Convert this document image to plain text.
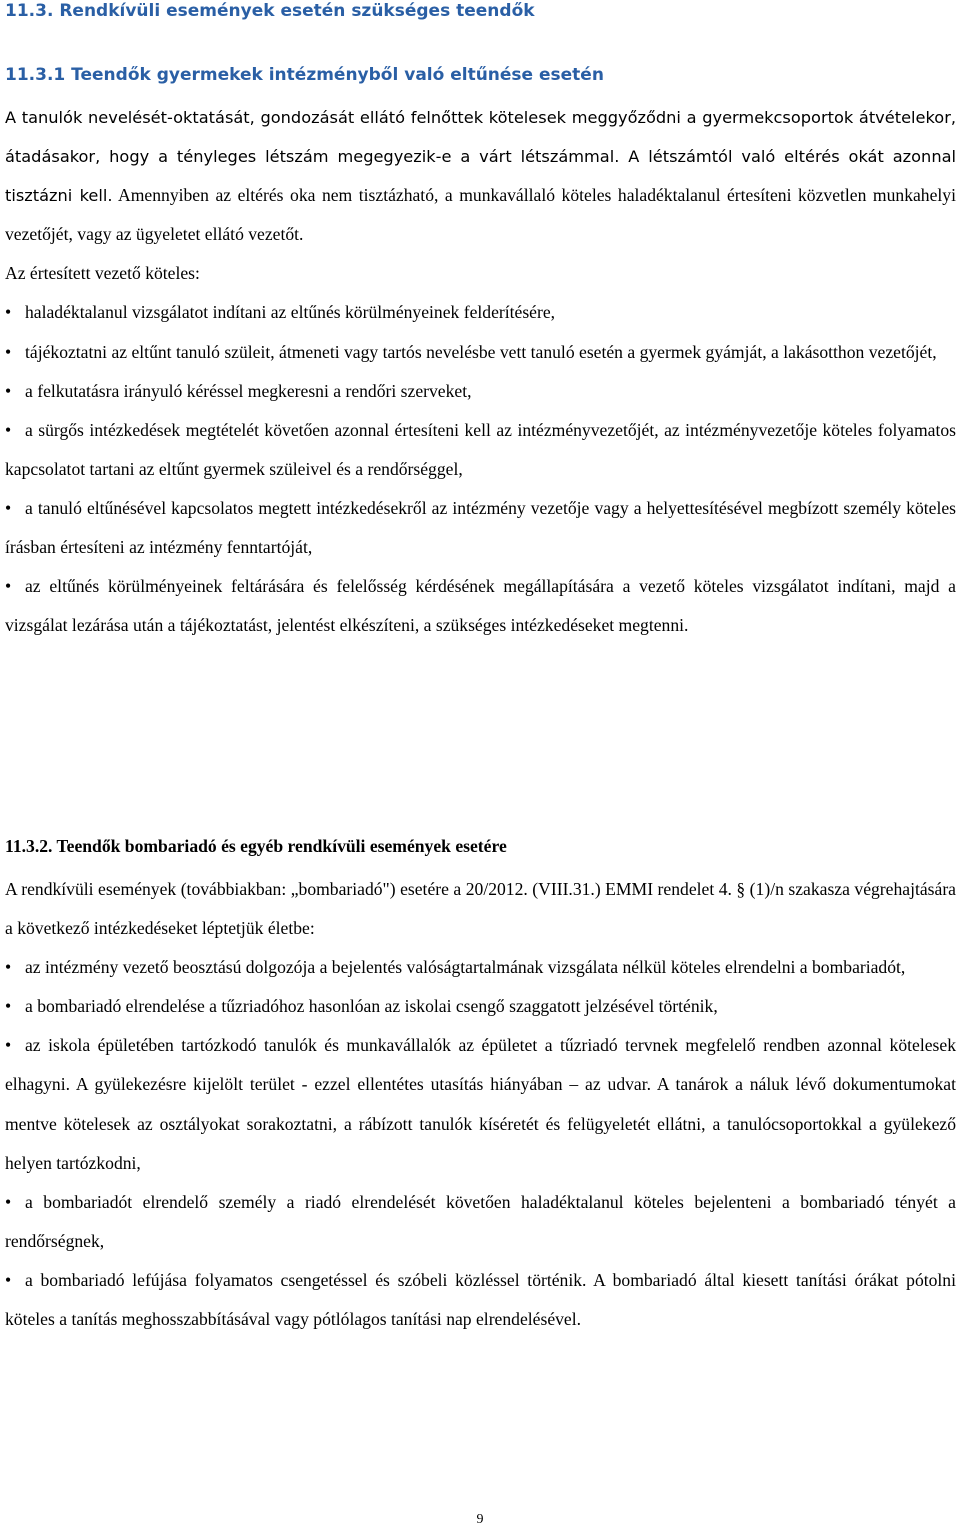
11.3. Rendkívüli események esetén szükséges teendők
11.3.1 Teendők gyermekek intézményből való eltűnése esetén

A tanulók nevelését-oktatását, gondozását ellátó felnőttek kötelesek meggyőződni a gyermekcsoportok átvételekor, átadásakor, hogy a tényleges létszám megegyezik-e a várt létszámmal. A létszámtól való eltérés okát azonnal tisztázni kell. Amennyiben az eltérés oka nem tisztázható, a munkavállaló köteles haladéktalanul értesíteni közvetlen munkahelyi vezetőjét, vagy az ügyeletet ellátó vezetőt.

Az értesített vezető köteles:

• haladéktalanul vizsgálatot indítani az eltűnés körülményeinek felderítésére,

• tájékoztatni az eltűnt tanuló szüleit, átmeneti vagy tartós nevelésbe vett tanuló esetén a gyermek gyámját, a lakásotthon vezetőjét,

• a felkutatásra irányuló kéréssel megkeresni a rendőri szerveket,

• a sürgős intézkedések megtételét követően azonnal értesíteni kell az intézményvezetőjét, az intézményvezetője köteles folyamatos kapcsolatot tartani az eltűnt gyermek szüleivel és a rendőrséggel,

• a tanuló eltűnésével kapcsolatos megtett intézkedésekről az intézmény vezetője vagy a helyettesítésével megbízott személy köteles írásban értesíteni az intézmény fenntartóját,

• az eltűnés körülményeinek feltárására és felelősség kérdésének megállapítására a vezető köteles vizsgálatot indítani, majd a vizsgálat lezárása után a tájékoztatást, jelentést elkészíteni, a szükséges intézkedéseket megtenni.

11.3.2. Teendők bombariadó és egyéb rendkívüli események esetére

A rendkívüli események (továbbiakban: „bombariadó") esetére a 20/2012. (VIII.31.) EMMI rendelet 4. § (1)/n szakasza végrehajtására a következő intézkedéseket léptetjük életbe:

• az intézmény vezető beosztású dolgozója a bejelentés valóságtartalmának vizsgálata nélkül köteles elrendelni a bombariadót,

• a bombariadó elrendelése a tűzriadóhoz hasonlóan az iskolai csengő szaggatott jelzésével történik,

• az iskola épületében tartózkodó tanulók és munkavállalók az épületet a tűzriadó tervnek megfelelő rendben azonnal kötelesek elhagyni. A gyülekezésre kijelölt terület - ezzel ellentétes utasítás hiányában – az udvar. A tanárok a náluk lévő dokumentumokat mentve kötelesek az osztályokat sorakoztatni, a rábízott tanulók kíséretét és felügyeletét ellátni, a tanulócsoportokkal a gyülekező helyen tartózkodni,

• a bombariadót elrendelő személy a riadó elrendelését követően haladéktalanul köteles bejelenteni a bombariadó tényét a rendőrségnek,

• a bombariadó lefújása folyamatos csengetéssel és szóbeli közléssel történik. A bombariadó által kiesett tanítási órákat pótolni köteles a tanítás meghosszabbításával vagy pótlólagos tanítási nap elrendelésével.

9
